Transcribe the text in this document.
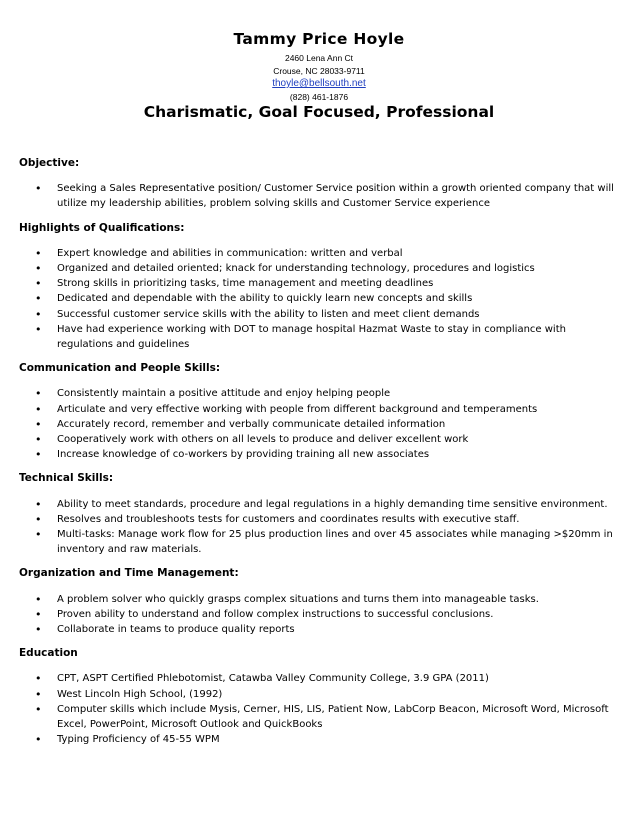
Tammy Price Hoyle
2460 Lena Ann Ct
Crouse, NC 28033-9711
thoyle@bellsouth.net
(828) 461-1876
Charismatic, Goal Focused, Professional

Objective:

• Seeking a Sales Representative position/ Customer Service position within a growth oriented company that will utilize my leadership abilities, problem solving skills and Customer Service experience

Highlights of Qualifications:

• Expert knowledge and abilities in communication: written and verbal
• Organized and detailed oriented; knack for understanding technology, procedures and logistics
• Strong skills in prioritizing tasks, time management and meeting deadlines
• Dedicated and dependable with the ability to quickly learn new concepts and skills
• Successful customer service skills with the ability to listen and meet client demands
• Have had experience working with DOT to manage hospital Hazmat Waste to stay in compliance with regulations and guidelines

Communication and People Skills:

• Consistently maintain a positive attitude and enjoy helping people
• Articulate and very effective working with people from different background and temperaments
• Accurately record, remember and verbally communicate detailed information
• Cooperatively work with others on all levels to produce and deliver excellent work
• Increase knowledge of co-workers by providing training all new associates

Technical Skills:

• Ability to meet standards, procedure and legal regulations in a highly demanding time sensitive environment.
• Resolves and troubleshoots tests for customers and coordinates results with executive staff.
• Multi-tasks: Manage work flow for 25 plus production lines and over 45 associates while managing >$20mm in inventory and raw materials.

Organization and Time Management:

• A problem solver who quickly grasps complex situations and turns them into manageable tasks.
• Proven ability to understand and follow complex instructions to successful conclusions.
• Collaborate in teams to produce quality reports

Education

• CPT, ASPT Certified Phlebotomist, Catawba Valley Community College, 3.9 GPA (2011)
• West Lincoln High School, (1992)
• Computer skills which include Mysis, Cerner, HIS, LIS, Patient Now, LabCorp Beacon, Microsoft Word, Microsoft Excel, PowerPoint, Microsoft Outlook and QuickBooks
• Typing Proficiency of 45-55 WPM
